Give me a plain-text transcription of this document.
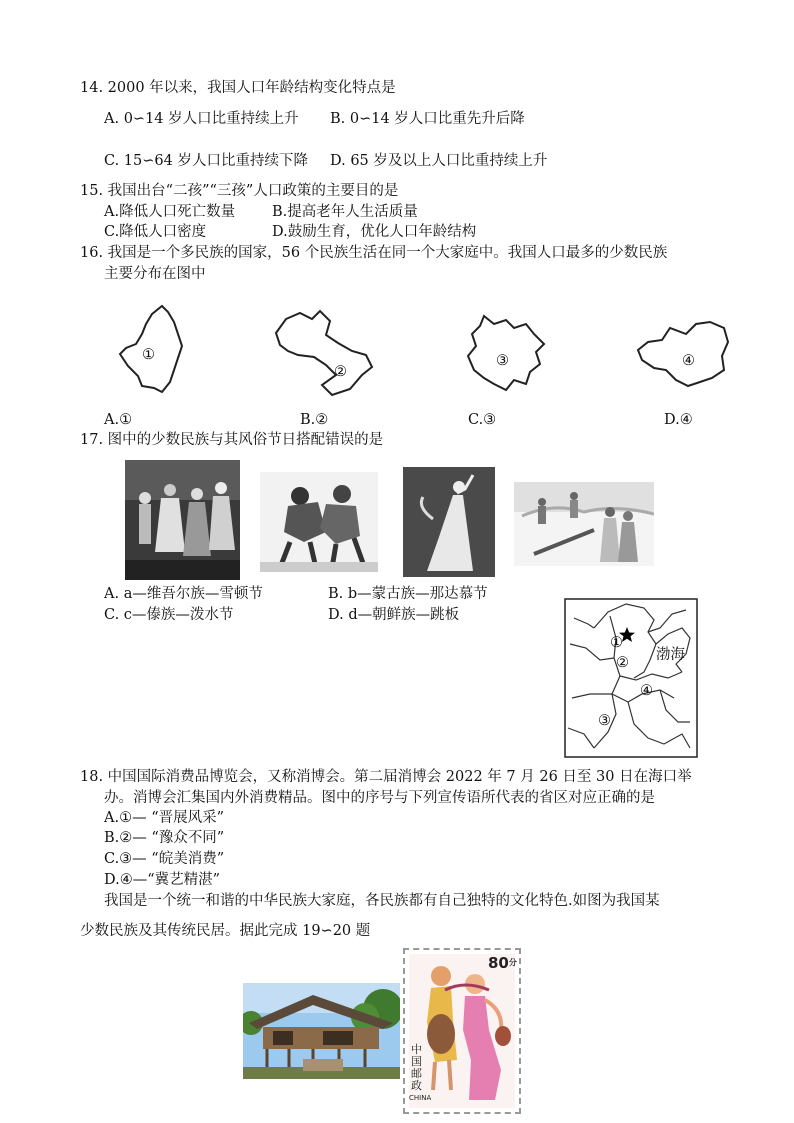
14. 2000 年以来，我国人口年龄结构变化特点是
A. 0∽14 岁人口比重持续上升 B. 0∽14 岁人口比重先升后降
C. 15∽64 岁人口比重持续下降 D. 65 岁及以上人口比重持续上升
15. 我国出台“二孩”“三孩”人口政策的主要目的是
A.降低人口死亡数量	B.提高老年人生活质量
C.降低人口密度	D.鼓励生育，优化人口年龄结构
16. 我国是一个多民族的国家，56 个民族生活在同一个大家庭中。我国人口最多的少数民族
主要分布在图中
①
②
③	④
A.①	B.②	C.③	D.④
17. 图中的少数民族与其风俗节日搭配错误的是
A. a—维吾尔族—雪顿节	B. b—蒙古族—那达慕节
C. c—傣族—泼水节	D. d—朝鲜族—跳板
渤海
①
②
③
④
18. 中国国际消费品博览会，又称消博会。第二届消博会 2022 年 7 月 26 日至 30 日在海口举
办。消博会汇集国内外消费精品。图中的序号与下列宣传语所代表的省区对应正确的是
A.①— “晋展风采”
B.②— “豫众不同”
C.③— “皖美消费”
D.④—“冀艺精湛”
我国是一个统一和谐的中华民族大家庭，各民族都有自己独特的文化特色.如图为我国某
少数民族及其传统民居。据此完成 19∽20 题
$80^分$
中国邮政
CHINA
